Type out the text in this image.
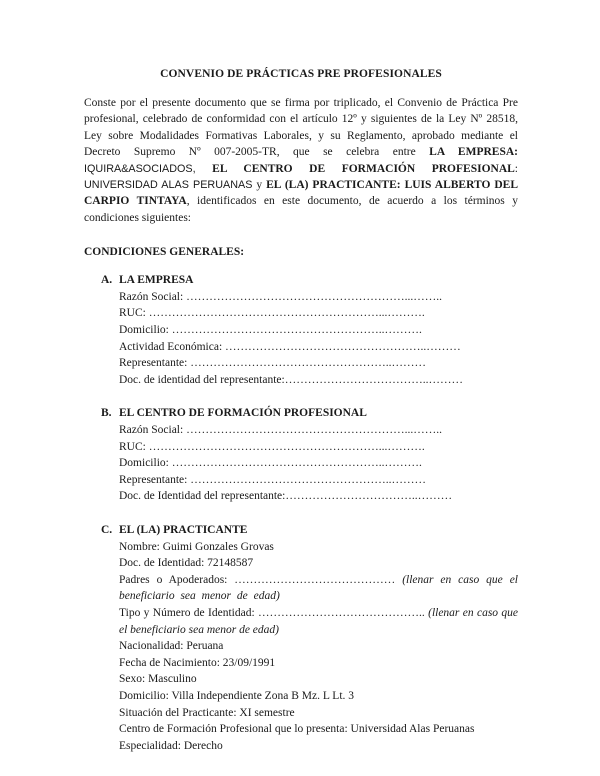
CONVENIO DE PRÁCTICAS PRE PROFESIONALES

Conste por el presente documento que se firma por triplicado, el Convenio de Práctica Pre profesional, celebrado de conformidad con el artículo 12º y siguientes de la Ley Nº 28518, Ley sobre Modalidades Formativas Laborales, y su Reglamento, aprobado mediante el Decreto Supremo Nº 007-2005-TR, que se celebra entre LA EMPRESA: IQUIRA&ASOCIADOS, EL CENTRO DE FORMACIÓN PROFESIONAL: UNIVERSIDAD ALAS PERUANAS y EL (LA) PRACTICANTE: LUIS ALBERTO DEL CARPIO TINTAYA, identificados en este documento, de acuerdo a los términos y condiciones siguientes:

CONDICIONES GENERALES:
A. LA EMPRESA
Razón Social: …………………………………………………...……..
RUC: ……………………………………………………...……….
Domicilio: ………………………………………………..……….
Actividad Económica: ……………………………………………..………
Representante: ……………………………………………..………
Doc. de identidad del representante:………………………………..………
B. EL CENTRO DE FORMACIÓN PROFESIONAL
Razón Social: …………………………………………………...……..
RUC: ……………………………………………………...……….
Domicilio: ………………………………………………..……….
Representante: ……………………………………………..………
Doc. de Identidad del representante:……………………………..………
C. EL (LA) PRACTICANTE
Nombre: Guimi Gonzales Grovas
Doc. de Identidad: 72148587
Padres o Apoderados: …………………………………… (llenar en caso que el beneficiario sea menor de edad)
Tipo y Número de Identidad: …………………………………….. (llenar en caso que el beneficiario sea menor de edad)
Nacionalidad: Peruana
Fecha de Nacimiento: 23/09/1991
Sexo: Masculino
Domicilio: Villa Independiente Zona B Mz. L Lt. 3
Situación del Practicante: XI semestre
Centro de Formación Profesional que lo presenta: Universidad Alas Peruanas
Especialidad: Derecho
